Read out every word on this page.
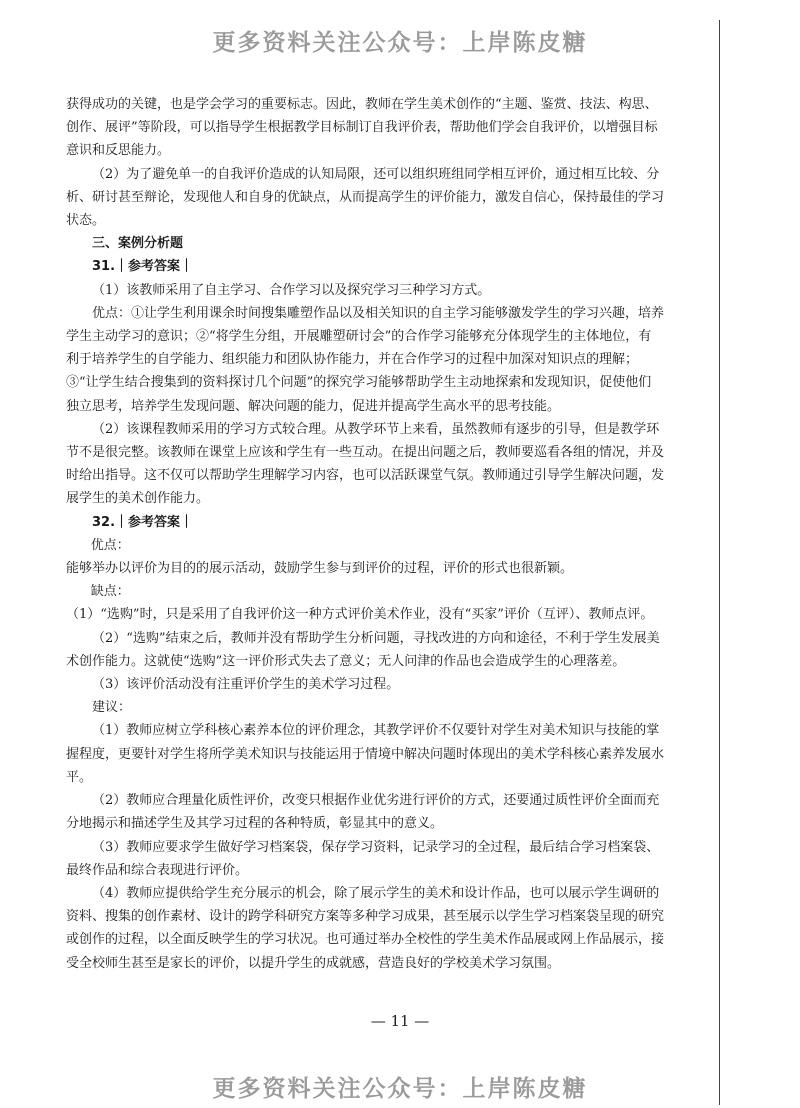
更多资料关注公众号：上岸陈皮糖

获得成功的关键，也是学会学习的重要标志。因此，教师在学生美术创作的“主题、鉴赏、技法、构思、创作、展评”等阶段，可以指导学生根据教学目标制订自我评价表，帮助他们学会自我评价，以增强目标意识和反思能力。

（2）为了避免单一的自我评价造成的认知局限，还可以组织班组同学相互评价，通过相互比较、分析、研讨甚至辩论，发现他人和自身的优缺点，从而提高学生的评价能力，激发自信心，保持最佳的学习状态。

三、案例分析题

31.｜参考答案｜

（1）该教师采用了自主学习、合作学习以及探究学习三种学习方式。

优点：①让学生利用课余时间搜集雕塑作品以及相关知识的自主学习能够激发学生的学习兴趣，培养学生主动学习的意识；②“将学生分组，开展雕塑研讨会”的合作学习能够充分体现学生的主体地位，有利于培养学生的自学能力、组织能力和团队协作能力，并在合作学习的过程中加深对知识点的理解；③“让学生结合搜集到的资料探讨几个问题”的探究学习能够帮助学生主动地探索和发现知识，促使他们独立思考，培养学生发现问题、解决问题的能力，促进并提高学生高水平的思考技能。

（2）该课程教师采用的学习方式较合理。从教学环节上来看，虽然教师有逐步的引导，但是教学环节不是很完整。该教师在课堂上应该和学生有一些互动。在提出问题之后，教师要巡看各组的情况，并及时给出指导。这不仅可以帮助学生理解学习内容，也可以活跃课堂气氛。教师通过引导学生解决问题，发展学生的美术创作能力。

32.｜参考答案｜

优点：

能够举办以评价为目的的展示活动，鼓励学生参与到评价的过程，评价的形式也很新颖。

缺点：

（1）“选购”时，只是采用了自我评价这一种方式评价美术作业，没有“买家”评价（互评）、教师点评。

（2）“选购”结束之后，教师并没有帮助学生分析问题，寻找改进的方向和途径，不利于学生发展美术创作能力。这就使“选购”这一评价形式失去了意义；无人问津的作品也会造成学生的心理落差。

（3）该评价活动没有注重评价学生的美术学习过程。

建议：

（1）教师应树立学科核心素养本位的评价理念，其教学评价不仅要针对学生对美术知识与技能的掌握程度，更要针对学生将所学美术知识与技能运用于情境中解决问题时体现出的美术学科核心素养发展水平。

（2）教师应合理量化质性评价，改变只根据作业优劣进行评价的方式，还要通过质性评价全面而充分地揭示和描述学生及其学习过程的各种特质，彰显其中的意义。

（3）教师应要求学生做好学习档案袋，保存学习资料，记录学习的全过程，最后结合学习档案袋、最终作品和综合表现进行评价。

（4）教师应提供给学生充分展示的机会，除了展示学生的美术和设计作品，也可以展示学生调研的资料、搜集的创作素材、设计的跨学科研究方案等多种学习成果，甚至展示以学生学习档案袋呈现的研究或创作的过程，以全面反映学生的学习状况。也可通过举办全校性的学生美术作品展或网上作品展示，接受全校师生甚至是家长的评价，以提升学生的成就感，营造良好的学校美术学习氛围。

— 11 —
更多资料关注公众号：上岸陈皮糖
